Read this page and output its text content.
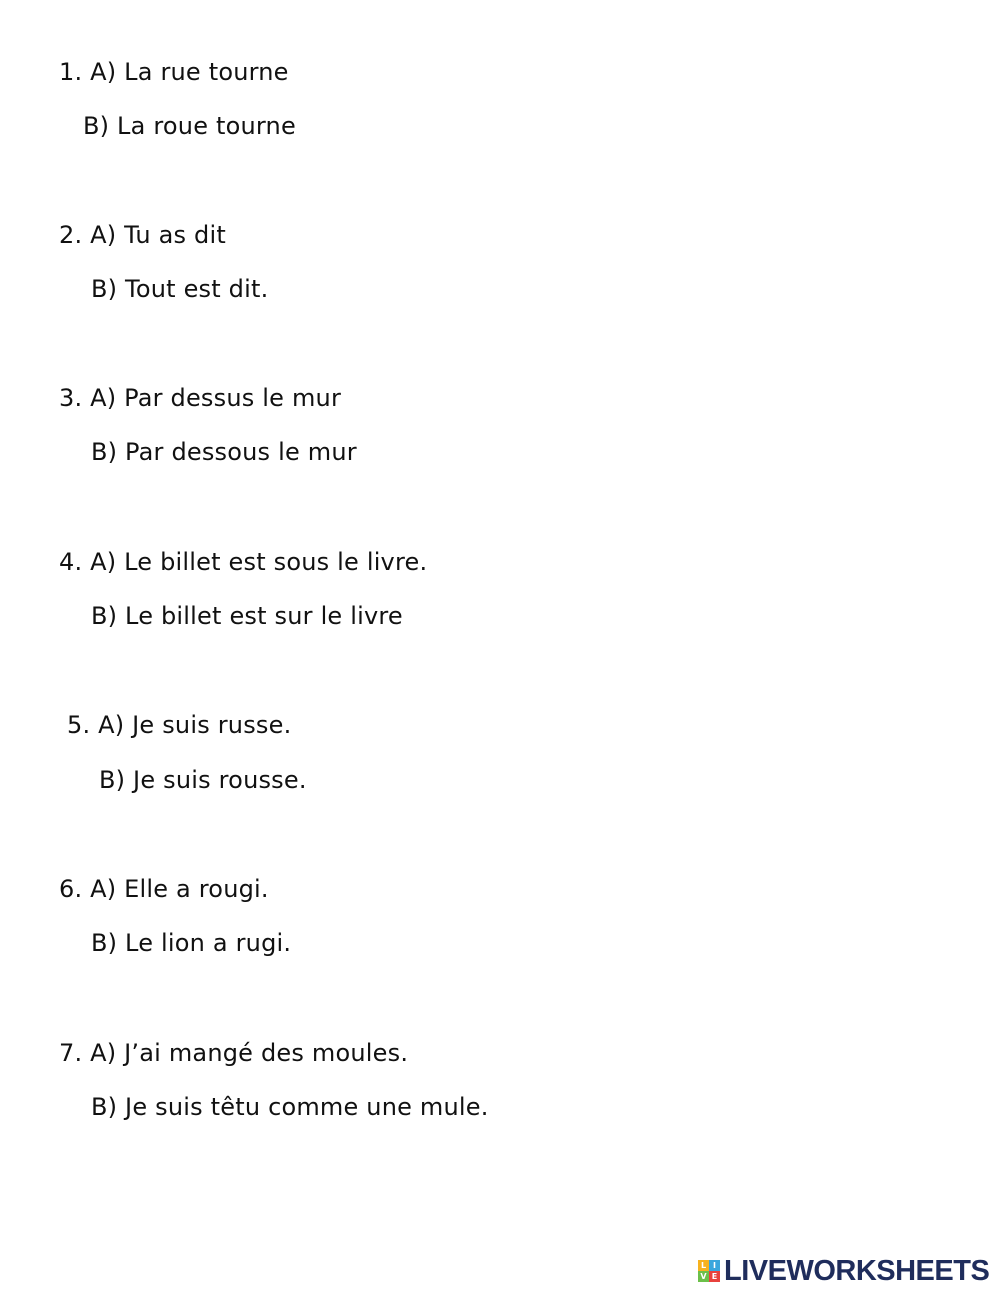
1. A) La rue tourne
B) La roue tourne
2. A) Tu as dit
B) Tout est dit.
3. A) Par dessus le mur
B) Par dessous le mur
4. A) Le billet est sous le livre.
B) Le billet est sur le livre
5. A) Je suis russe.
B) Je suis rousse.
6. A) Elle a rougi.
B) Le lion a rugi.
7. A) J’ai mangé des moules.
B) Je suis têtu comme une mule.
L I
V E LIVEWORKSHEETS
